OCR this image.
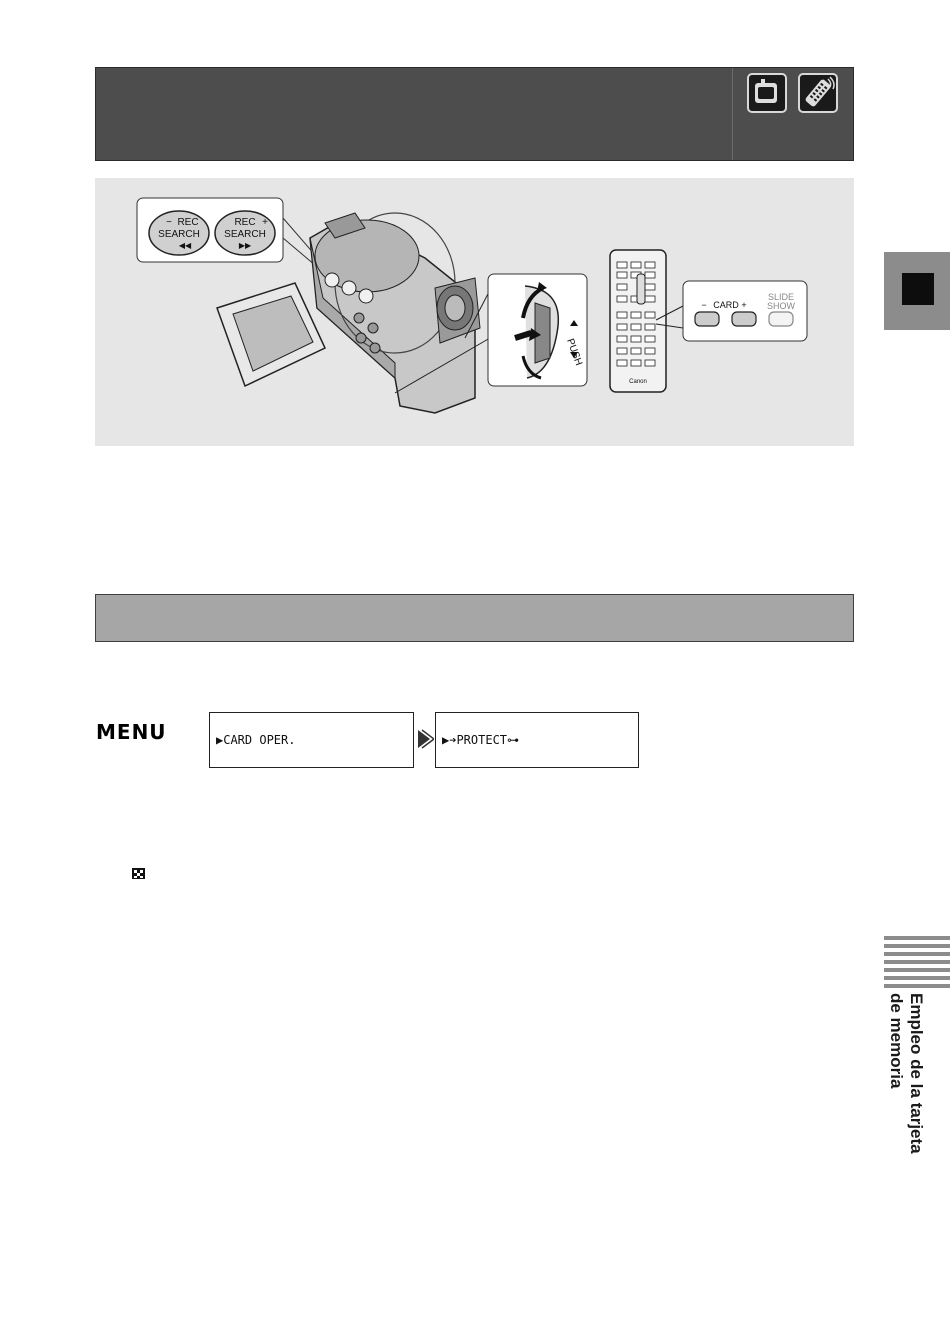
− REC
SEARCH
◀◀
REC +
SEARCH
▶▶
Canon
− CARD +
SLIDE
SHOW
MENU	▶CARD OPER.	▶➔PROTECT⊶
Empleo de la tarjeta
de memoria
